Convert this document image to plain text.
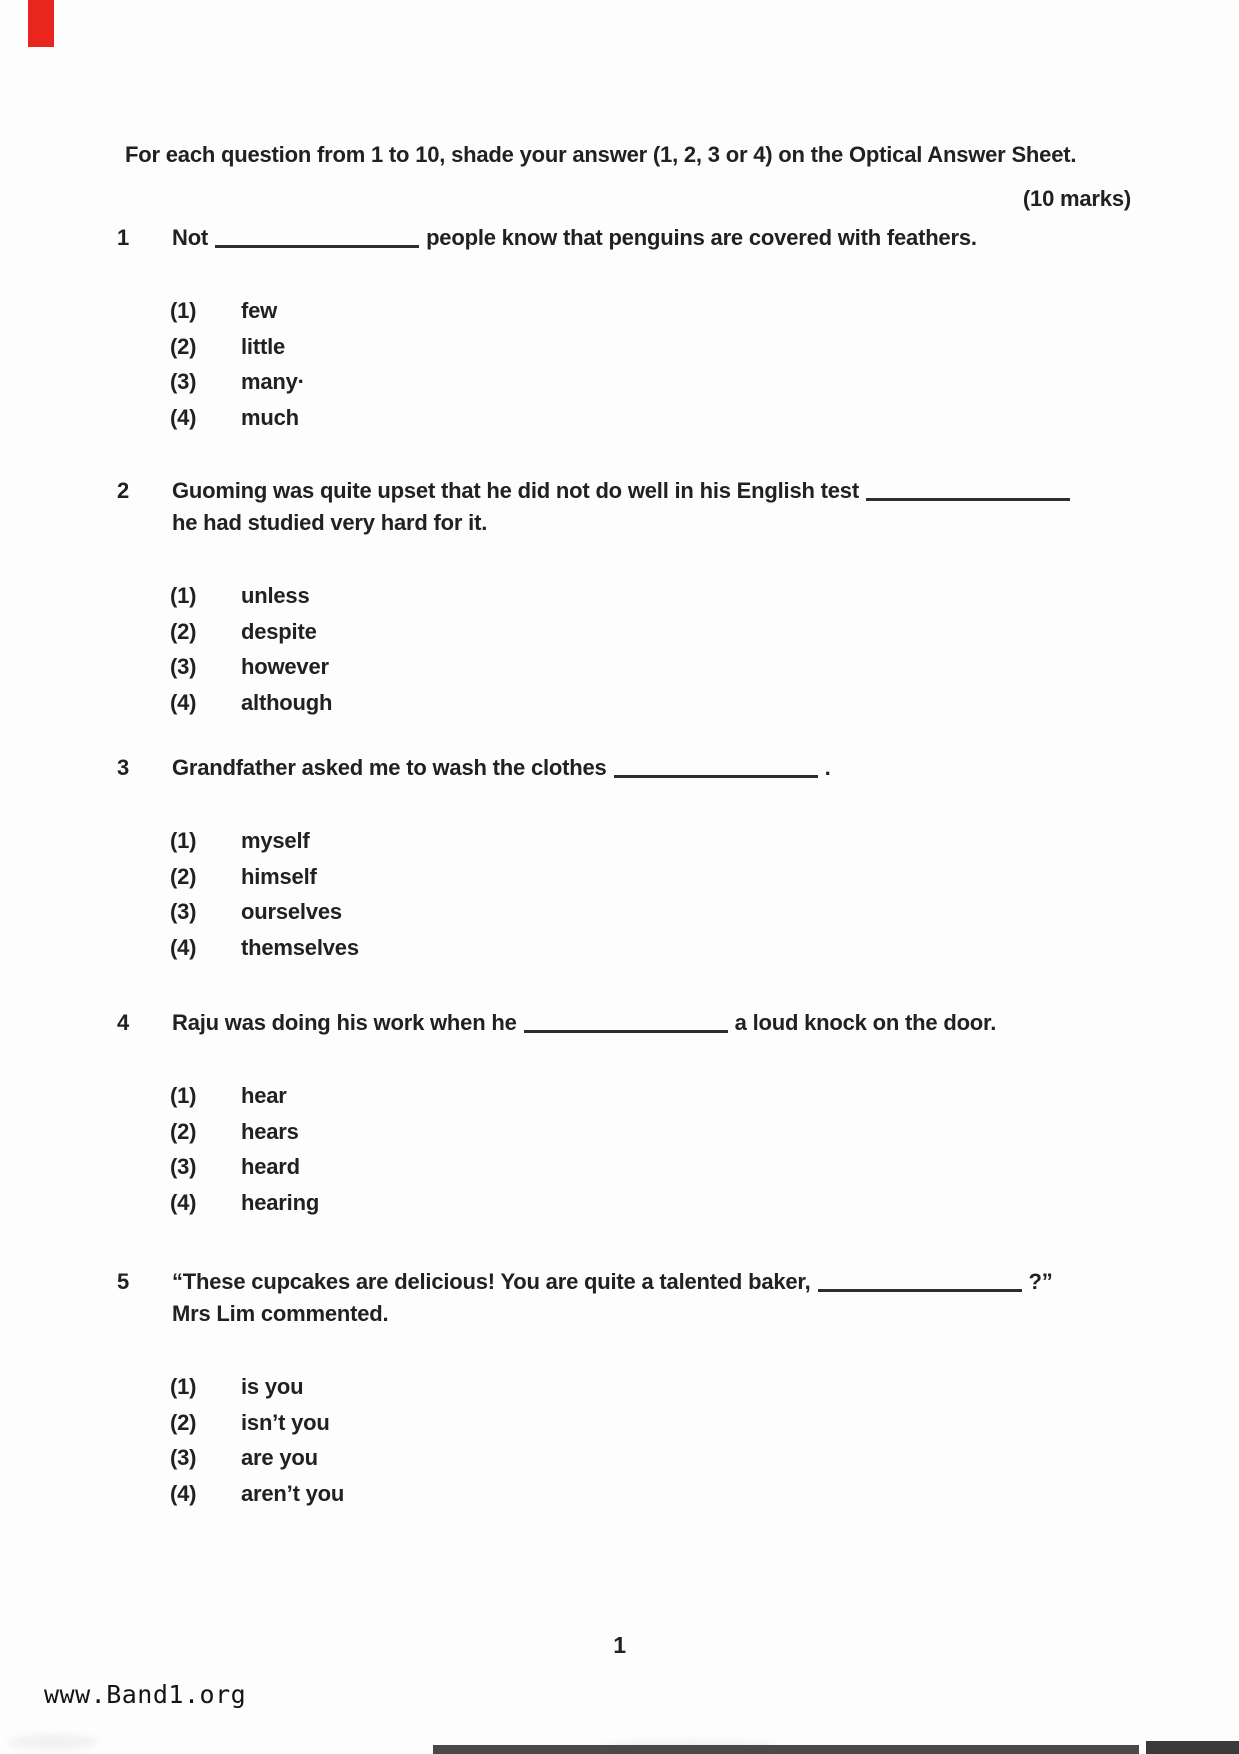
For each question from 1 to 10, shade your answer (1, 2, 3 or 4) on the Optical Answer Sheet.
(10 marks)
1	Not	people know that penguins are covered with feathers.
(1)	few
(2)	little
(3)	many·
(4)	much
2	Guoming was quite upset that he did not do well in his English test
he had studied very hard for it.
(1)	unless
(2)	despite
(3)	however
(4)	although
3	Grandfather asked me to wash the clothes	.
(1)	myself
(2)	himself
(3)	ourselves
(4)	themselves
4	Raju was doing his work when he	a loud knock on the door.
(1)	hear
(2)	hears
(3)	heard
(4)	hearing
5	“These cupcakes are delicious! You are quite a talented baker,	?”
Mrs Lim commented.
(1)	is you
(2)	isn’t you
(3)	are you
(4)	aren’t you
1
www.Band1.org
